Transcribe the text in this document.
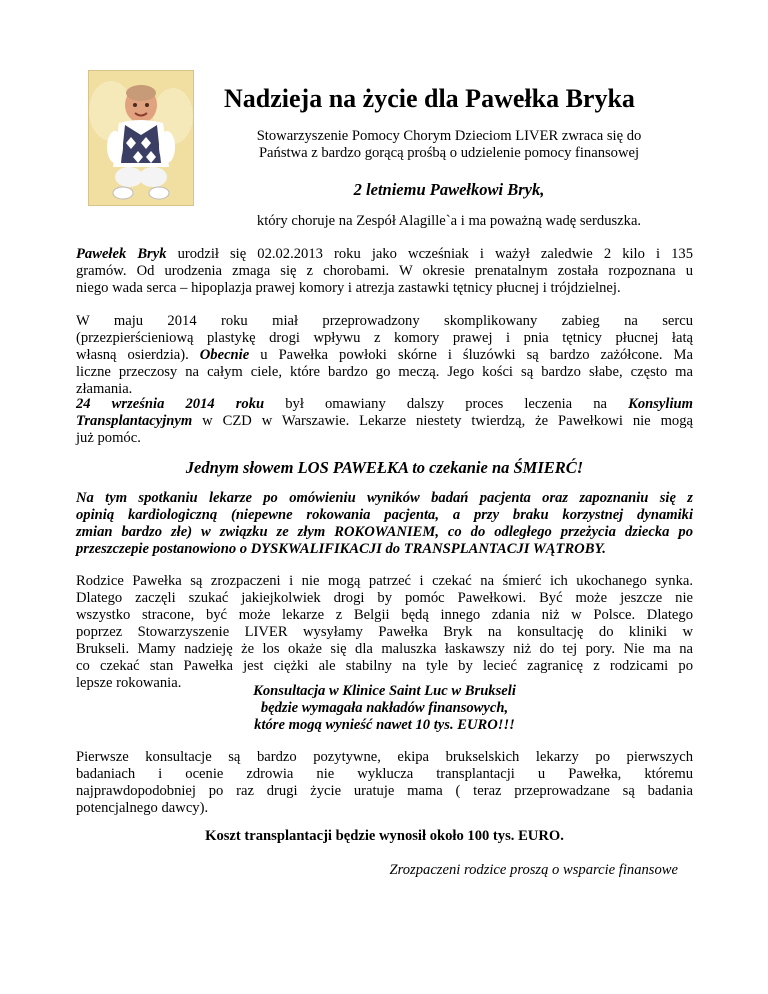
Nadzieja na życie dla Pawełka Bryka
Stowarzyszenie Pomocy Chorym Dzieciom LIVER zwraca się do
Państwa z bardzo gorącą prośbą o udzielenie pomocy finansowej
2 letniemu Pawełkowi Bryk,
który choruje na Zespół Alagille`a i ma poważną wadę serduszka.
Pawełek Bryk urodził się 02.02.2013 roku jako wcześniak i ważył zaledwie 2 kilo i 135
gramów. Od urodzenia zmaga się z chorobami. W okresie prenatalnym została rozpoznana u
niego wada serca – hipoplazja prawej komory i atrezja zastawki tętnicy płucnej i trójdzielnej.
W maju 2014 roku miał przeprowadzony skomplikowany zabieg na sercu
(przezpierścieniową plastykę drogi wpływu z komory prawej i pnia tętnicy płucnej łatą
własną osierdzia). Obecnie u Pawełka powłoki skórne i śluzówki są bardzo zażółcone. Ma
liczne przeczosy na całym ciele, które bardzo go meczą. Jego kości są bardzo słabe, często ma
złamania.
24 września 2014 roku był omawiany dalszy proces leczenia na Konsylium
Transplantacyjnym w CZD w Warszawie. Lekarze niestety twierdzą, że Pawełkowi nie mogą
już pomóc.
Jednym słowem LOS PAWEŁKA to czekanie na ŚMIERĆ!
Na tym spotkaniu lekarze po omówieniu wyników badań pacjenta oraz zapoznaniu się z
opinią kardiologiczną (niepewne rokowania pacjenta, a przy braku korzystnej dynamiki
zmian bardzo złe) w związku ze złym ROKOWANIEM, co do odległego przeżycia dziecka po
przeszczepie postanowiono o DYSKWALIFIKACJI do TRANSPLANTACJI WĄTROBY.
Rodzice Pawełka są zrozpaczeni i nie mogą patrzeć i czekać na śmierć ich ukochanego synka.
Dlatego zaczęli szukać jakiejkolwiek drogi by pomóc Pawełkowi. Być może jeszcze nie
wszystko stracone, być może lekarze z Belgii będą innego zdania niż w Polsce. Dlatego
poprzez Stowarzyszenie LIVER wysyłamy Pawełka Bryk na konsultację do kliniki w
Brukseli. Mamy nadzieję że los okaże się dla maluszka łaskawszy niż do tej pory. Nie ma na
co czekać stan Pawełka jest ciężki ale stabilny na tyle by lecieć zagranicę z rodzicami po
lepsze rokowania.	Konsultacja w Klinice Saint Luc w Brukseli
będzie wymagała nakładów finansowych,
które mogą wynieść nawet 10 tys. EURO!!!
Pierwsze konsultacje są bardzo pozytywne, ekipa brukselskich lekarzy po pierwszych
badaniach i ocenie zdrowia nie wyklucza transplantacji u Pawełka, któremu
najprawdopodobniej po raz drugi życie uratuje mama ( teraz przeprowadzane są badania
potencjalnego dawcy).
Koszt transplantacji będzie wynosił około 100 tys. EURO.
Zrozpaczeni rodzice proszą o wsparcie finansowe
